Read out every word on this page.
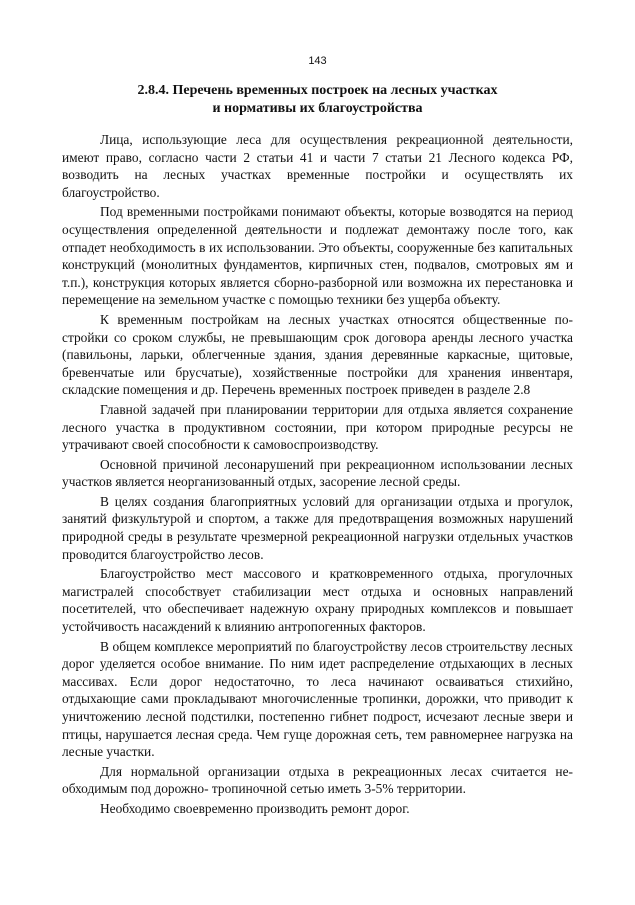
143
2.8.4. Перечень временных построек на лесных участках
и нормативы их благоустройства

Лица, использующие леса для осуществления рекреационной деятельности, имеют право, согласно части 2 статьи 41 и части 7 статьи 21 Лесного кодекса РФ, возводить на лесных участках временные постройки и осуществлять их благоустройство.

Под временными постройками понимают объекты, которые возводятся на период осуществления определенной деятельности и подлежат демонтажу после того, как отпадет необходимость в их использовании. Это объекты, сооруженные без капитальных конструкций (монолитных фундаментов, кирпичных стен, подвалов, смотровых ям и т.п.), конструкция которых является сборно-разборной или возможна их перестановка и перемещение на земельном участке с помощью техники без ущерба объекту.

К временным постройкам на лесных участках относятся общественные постройки со сроком службы, не превышающим срок договора аренды лесного участка (павильоны, ларьки, облегченные здания, здания деревянные каркасные, щитовые, бревенчатые или брусчатые), хозяйственные постройки для хранения инвентаря, складские помещения и др. Перечень временных построек приведен в разделе 2.8

Главной задачей при планировании территории для отдыха является сохранение лесного участка в продуктивном состоянии, при котором природные ресурсы не утрачивают своей способности к самовоспроизводству.

Основной причиной лесонарушений при рекреационном использовании лесных участков является неорганизованный отдых, засорение лесной среды.

В целях создания благоприятных условий для организации отдыха и прогулок, занятий физкультурой и спортом, а также для предотвращения возможных нарушений природной среды в результате чрезмерной рекреационной нагрузки отдельных участков проводится благоустройство лесов.

Благоустройство мест массового и кратковременного отдыха, прогулочных магистралей способствует стабилизации мест отдыха и основных направлений посетителей, что обеспечивает надежную охрану природных комплексов и повышает устойчивость насаждений к влиянию антропогенных факторов.

В общем комплексе мероприятий по благоустройству лесов строительству лесных дорог уделяется особое внимание. По ним идет распределение отдыхающих в лесных массивах. Если дорог недостаточно, то леса начинают осваиваться стихийно, отдыхающие сами прокладывают многочисленные тропинки, дорожки, что приводит к уничтожению лесной подстилки, постепенно гибнет подрост, исчезают лесные звери и птицы, нарушается лесная среда. Чем гуще дорожная сеть, тем равномернее нагрузка на лесные участки.

Для нормальной организации отдыха в рекреационных лесах считается необходимым под дорожно- тропиночной сетью иметь 3-5% территории.

Необходимо своевременно производить ремонт дорог.
